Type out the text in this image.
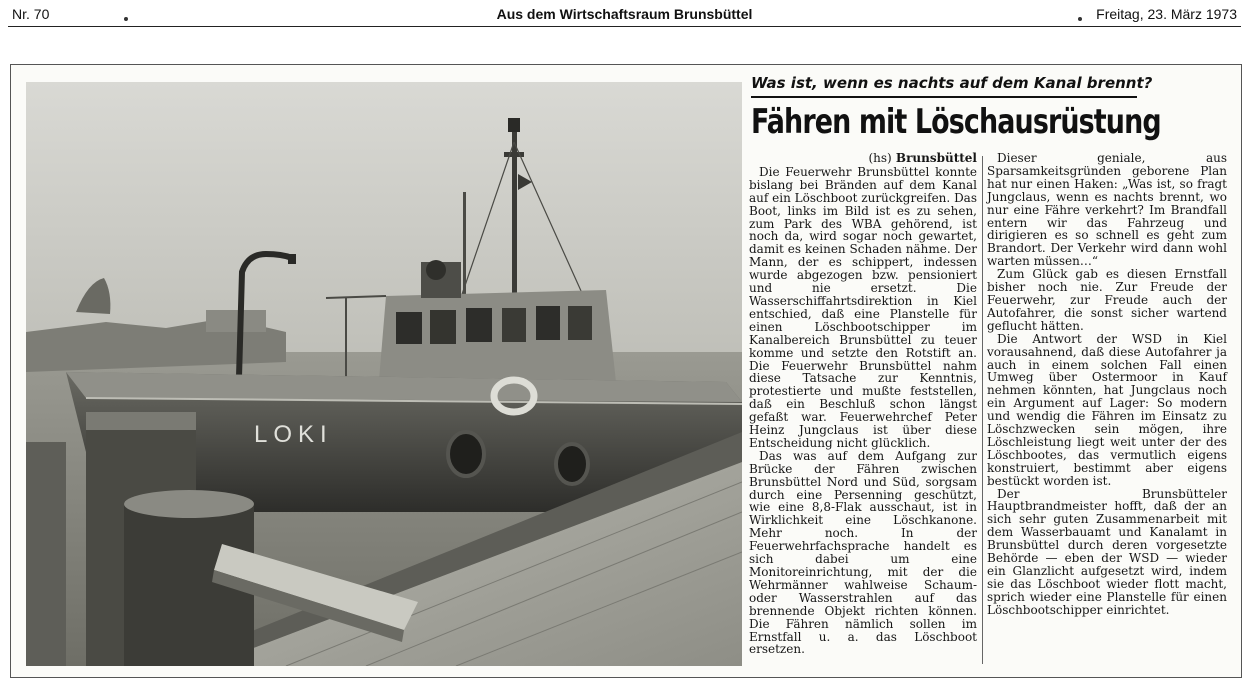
Nr. 70	Aus dem Wirtschaftsraum Brunsbüttel	Freitag, 23. März 1973
LOKI
Was ist, wenn es nachts auf dem Kanal brennt?
Fähren mit Löschausrüstung
(hs) Brunsbüttel

Die Feuerwehr Brunsbüttel konnte bislang bei Bränden auf dem Kanal auf ein Löschboot zurückgreifen. Das Boot, links im Bild ist es zu sehen, zum Park des WBA gehörend, ist noch da, wird sogar noch gewartet, damit es keinen Schaden nähme. Der Mann, der es schippert, indessen wurde abgezogen bzw. pensioniert und nie ersetzt. Die Wasserschiffahrtsdirektion in Kiel entschied, daß eine Planstelle für einen Löschbootschipper im Kanalbereich Brunsbüttel zu teuer komme und setzte den Rotstift an. Die Feuerwehr Brunsbüttel nahm diese Tatsache zur Kenntnis, protestierte und mußte feststellen, daß ein Beschluß schon längst gefaßt war. Feuerwehrchef Peter Heinz Jungclaus ist über diese Entscheidung nicht glücklich.

Das was auf dem Aufgang zur Brücke der Fähren zwischen Brunsbüttel Nord und Süd, sorgsam durch eine Persenning geschützt, wie eine 8,8-Flak ausschaut, ist in Wirklichkeit eine Löschkanone. Mehr noch. In der Feuerwehrfachsprache handelt es sich dabei um eine Monitoreinrichtung, mit der die Wehrmänner wahlweise Schaum- oder Wasserstrahlen auf das brennende Objekt richten können. Die Fähren nämlich sollen im Ernstfall u. a. das Löschboot ersetzen.

Dieser geniale, aus Sparsamkeitsgründen geborene Plan hat nur einen Haken: „Was ist, so fragt Jungclaus, wenn es nachts brennt, wo nur eine Fähre verkehrt? Im Brandfall entern wir das Fahrzeug und dirigieren es so schnell es geht zum Brandort. Der Verkehr wird dann wohl warten müssen…“

Zum Glück gab es diesen Ernstfall bisher noch nie. Zur Freude der Feuerwehr, zur Freude auch der Autofahrer, die sonst sicher wartend geflucht hätten.

Die Antwort der WSD in Kiel vorausahnend, daß diese Autofahrer ja auch in einem solchen Fall einen Umweg über Ostermoor in Kauf nehmen könnten, hat Jungclaus noch ein Argument auf Lager: So modern und wendig die Fähren im Einsatz zu Löschzwecken sein mögen, ihre Löschleistung liegt weit unter der des Löschbootes, das vermutlich eigens konstruiert, bestimmt aber eigens bestückt worden ist.

Der Brunsbütteler Hauptbrandmeister hofft, daß der an sich sehr guten Zusammenarbeit mit dem Wasserbauamt und Kanalamt in Brunsbüttel durch deren vorgesetzte Behörde — eben der WSD — wieder ein Glanzlicht aufgesetzt wird, indem sie das Löschboot wieder flott macht, sprich wieder eine Planstelle für einen Löschbootschipper einrichtet.
